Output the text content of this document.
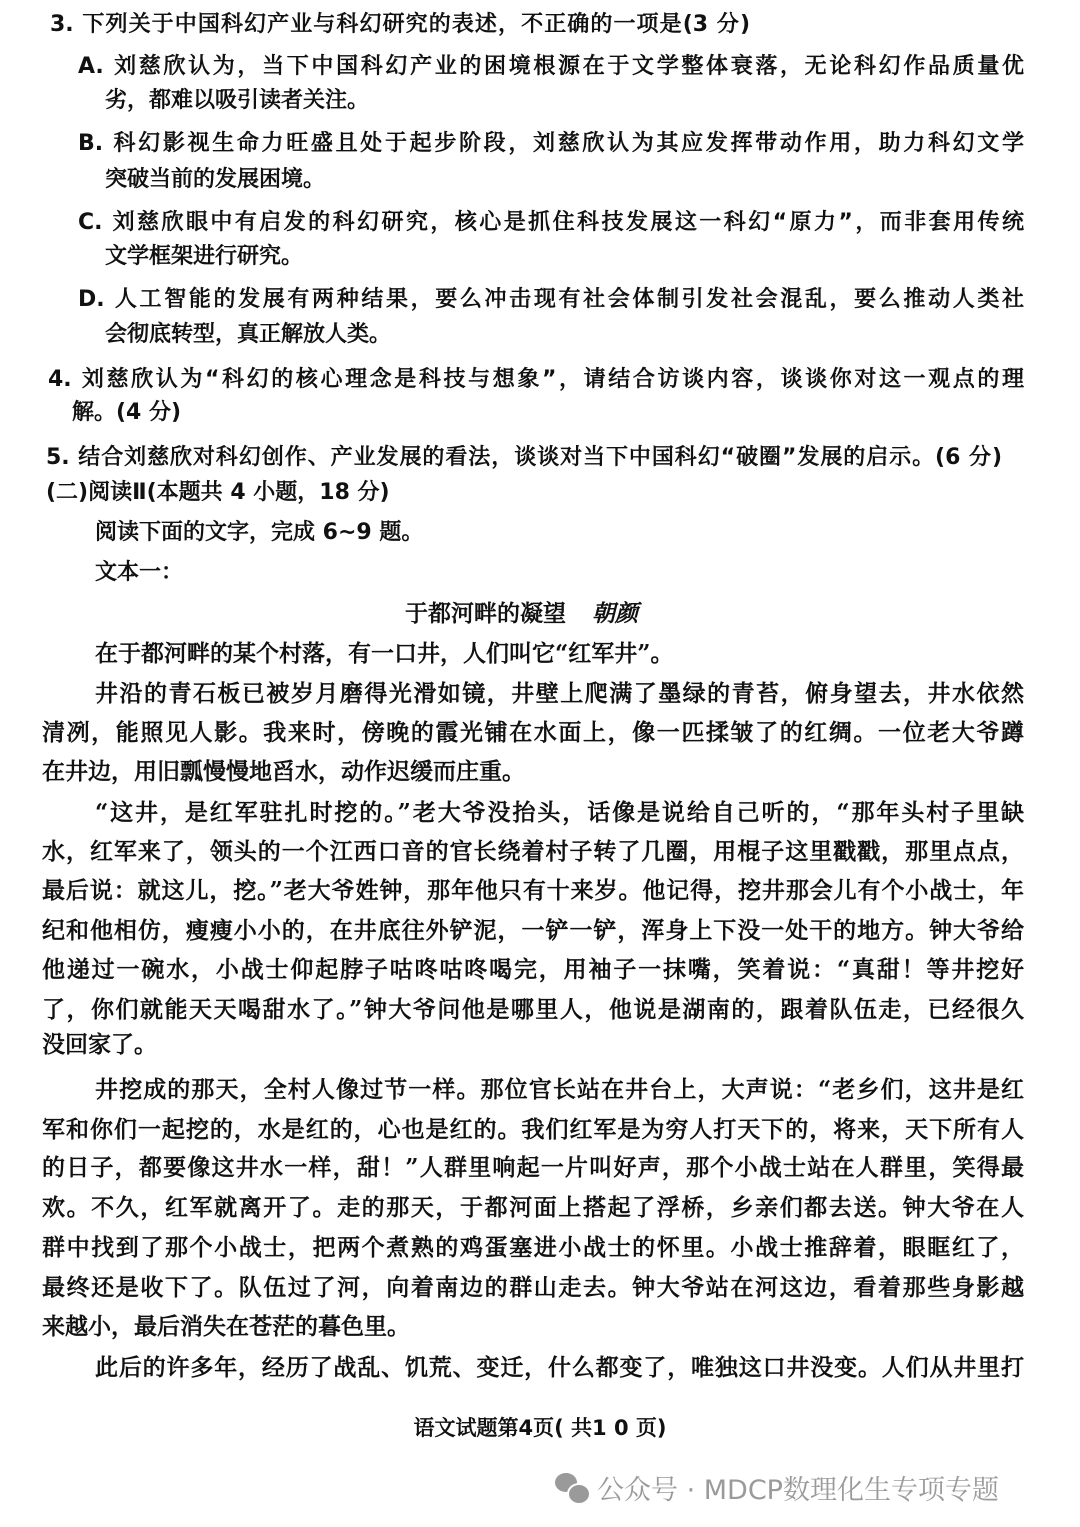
3. 下列关于中国科幻产业与科幻研究的表述，不正确的一项是(3 分)
A. 刘慈欣认为，当下中国科幻产业的困境根源在于文学整体衰落，无论科幻作品质量优
劣，都难以吸引读者关注。
B. 科幻影视生命力旺盛且处于起步阶段，刘慈欣认为其应发挥带动作用，助力科幻文学
突破当前的发展困境。
C. 刘慈欣眼中有启发的科幻研究，核心是抓住科技发展这一科幻“原力”，而非套用传统
文学框架进行研究。
D. 人工智能的发展有两种结果，要么冲击现有社会体制引发社会混乱，要么推动人类社
会彻底转型，真正解放人类。
4. 刘慈欣认为“科幻的核心理念是科技与想象”，请结合访谈内容，谈谈你对这一观点的理
解。(4 分)
5. 结合刘慈欣对科幻创作、产业发展的看法，谈谈对当下中国科幻“破圈”发展的启示。(6 分)
(二)阅读Ⅱ(本题共 4 小题，18 分)
阅读下面的文字，完成 6~9 题。
文本一：
于都河畔的凝望 朝颜
在于都河畔的某个村落，有一口井，人们叫它“红军井”。
井沿的青石板已被岁月磨得光滑如镜，井壁上爬满了墨绿的青苔，俯身望去，井水依然
清冽，能照见人影。我来时，傍晚的霞光铺在水面上，像一匹揉皱了的红绸。一位老大爷蹲
在井边，用旧瓢慢慢地舀水，动作迟缓而庄重。
“这井，是红军驻扎时挖的。”老大爷没抬头，话像是说给自己听的，“那年头村子里缺
水，红军来了，领头的一个江西口音的官长绕着村子转了几圈，用棍子这里戳戳，那里点点，
最后说：就这儿，挖。”老大爷姓钟，那年他只有十来岁。他记得，挖井那会儿有个小战士，年
纪和他相仿，瘦瘦小小的，在井底往外铲泥，一铲一铲，浑身上下没一处干的地方。钟大爷给
他递过一碗水，小战士仰起脖子咕咚咕咚喝完，用袖子一抹嘴，笑着说：“真甜！等井挖好
了，你们就能天天喝甜水了。”钟大爷问他是哪里人，他说是湖南的，跟着队伍走，已经很久
没回家了。
井挖成的那天，全村人像过节一样。那位官长站在井台上，大声说：“老乡们，这井是红
军和你们一起挖的，水是红的，心也是红的。我们红军是为穷人打天下的，将来，天下所有人
的日子，都要像这井水一样，甜！”人群里响起一片叫好声，那个小战士站在人群里，笑得最
欢。不久，红军就离开了。走的那天，于都河面上搭起了浮桥，乡亲们都去送。钟大爷在人
群中找到了那个小战士，把两个煮熟的鸡蛋塞进小战士的怀里。小战士推辞着，眼眶红了，
最终还是收下了。队伍过了河，向着南边的群山走去。钟大爷站在河这边，看着那些身影越
来越小，最后消失在苍茫的暮色里。
此后的许多年，经历了战乱、饥荒、变迁，什么都变了，唯独这口井没变。人们从井里打
语文试题第4页( 共1 0 页)
公众号 · MDCP数理化生专项专题
